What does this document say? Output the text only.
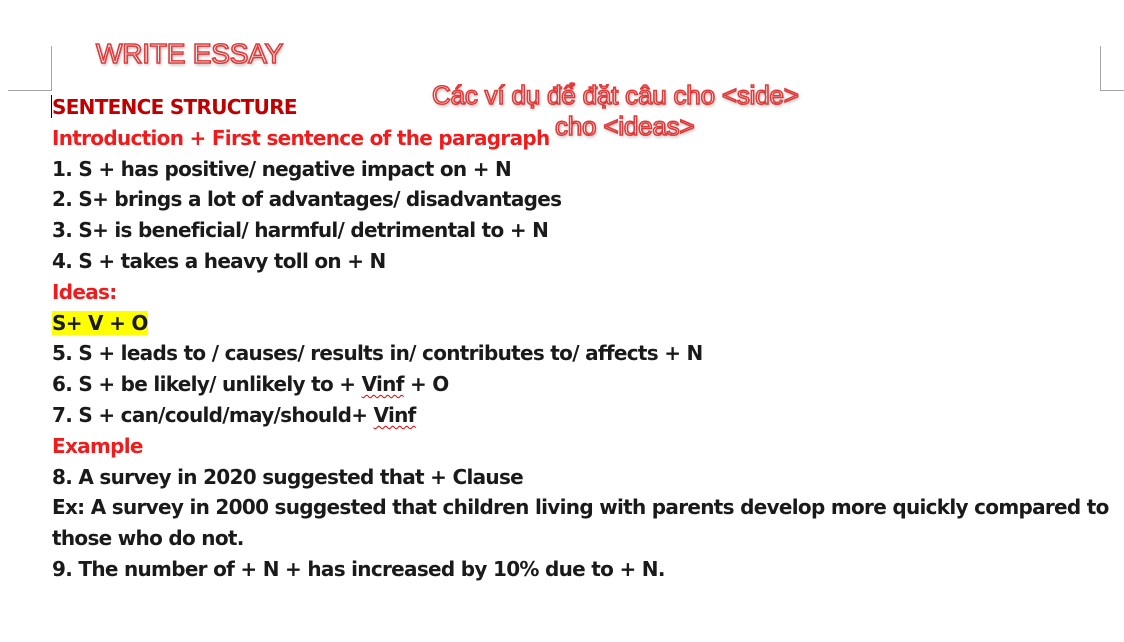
WRITE ESSAY
Các ví dụ để đặt câu cho <side>
cho <ideas>
SENTENCE STRUCTURE
Introduction + First sentence of the paragraph
1. S + has positive/ negative impact on + N
2. S+ brings a lot of advantages/ disadvantages
3. S+ is beneficial/ harmful/ detrimental to + N
4. S + takes a heavy toll on + N
Ideas:
S+ V + O
5. S + leads to / causes/ results in/ contributes to/ affects + N
6. S + be likely/ unlikely to + Vinf + O
7. S + can/could/may/should+ Vinf
Example
8. A survey in 2020 suggested that + Clause
Ex: A survey in 2000 suggested that children living with parents develop more quickly compared to those who do not.
9. The number of + N + has increased by 10% due to + N.
